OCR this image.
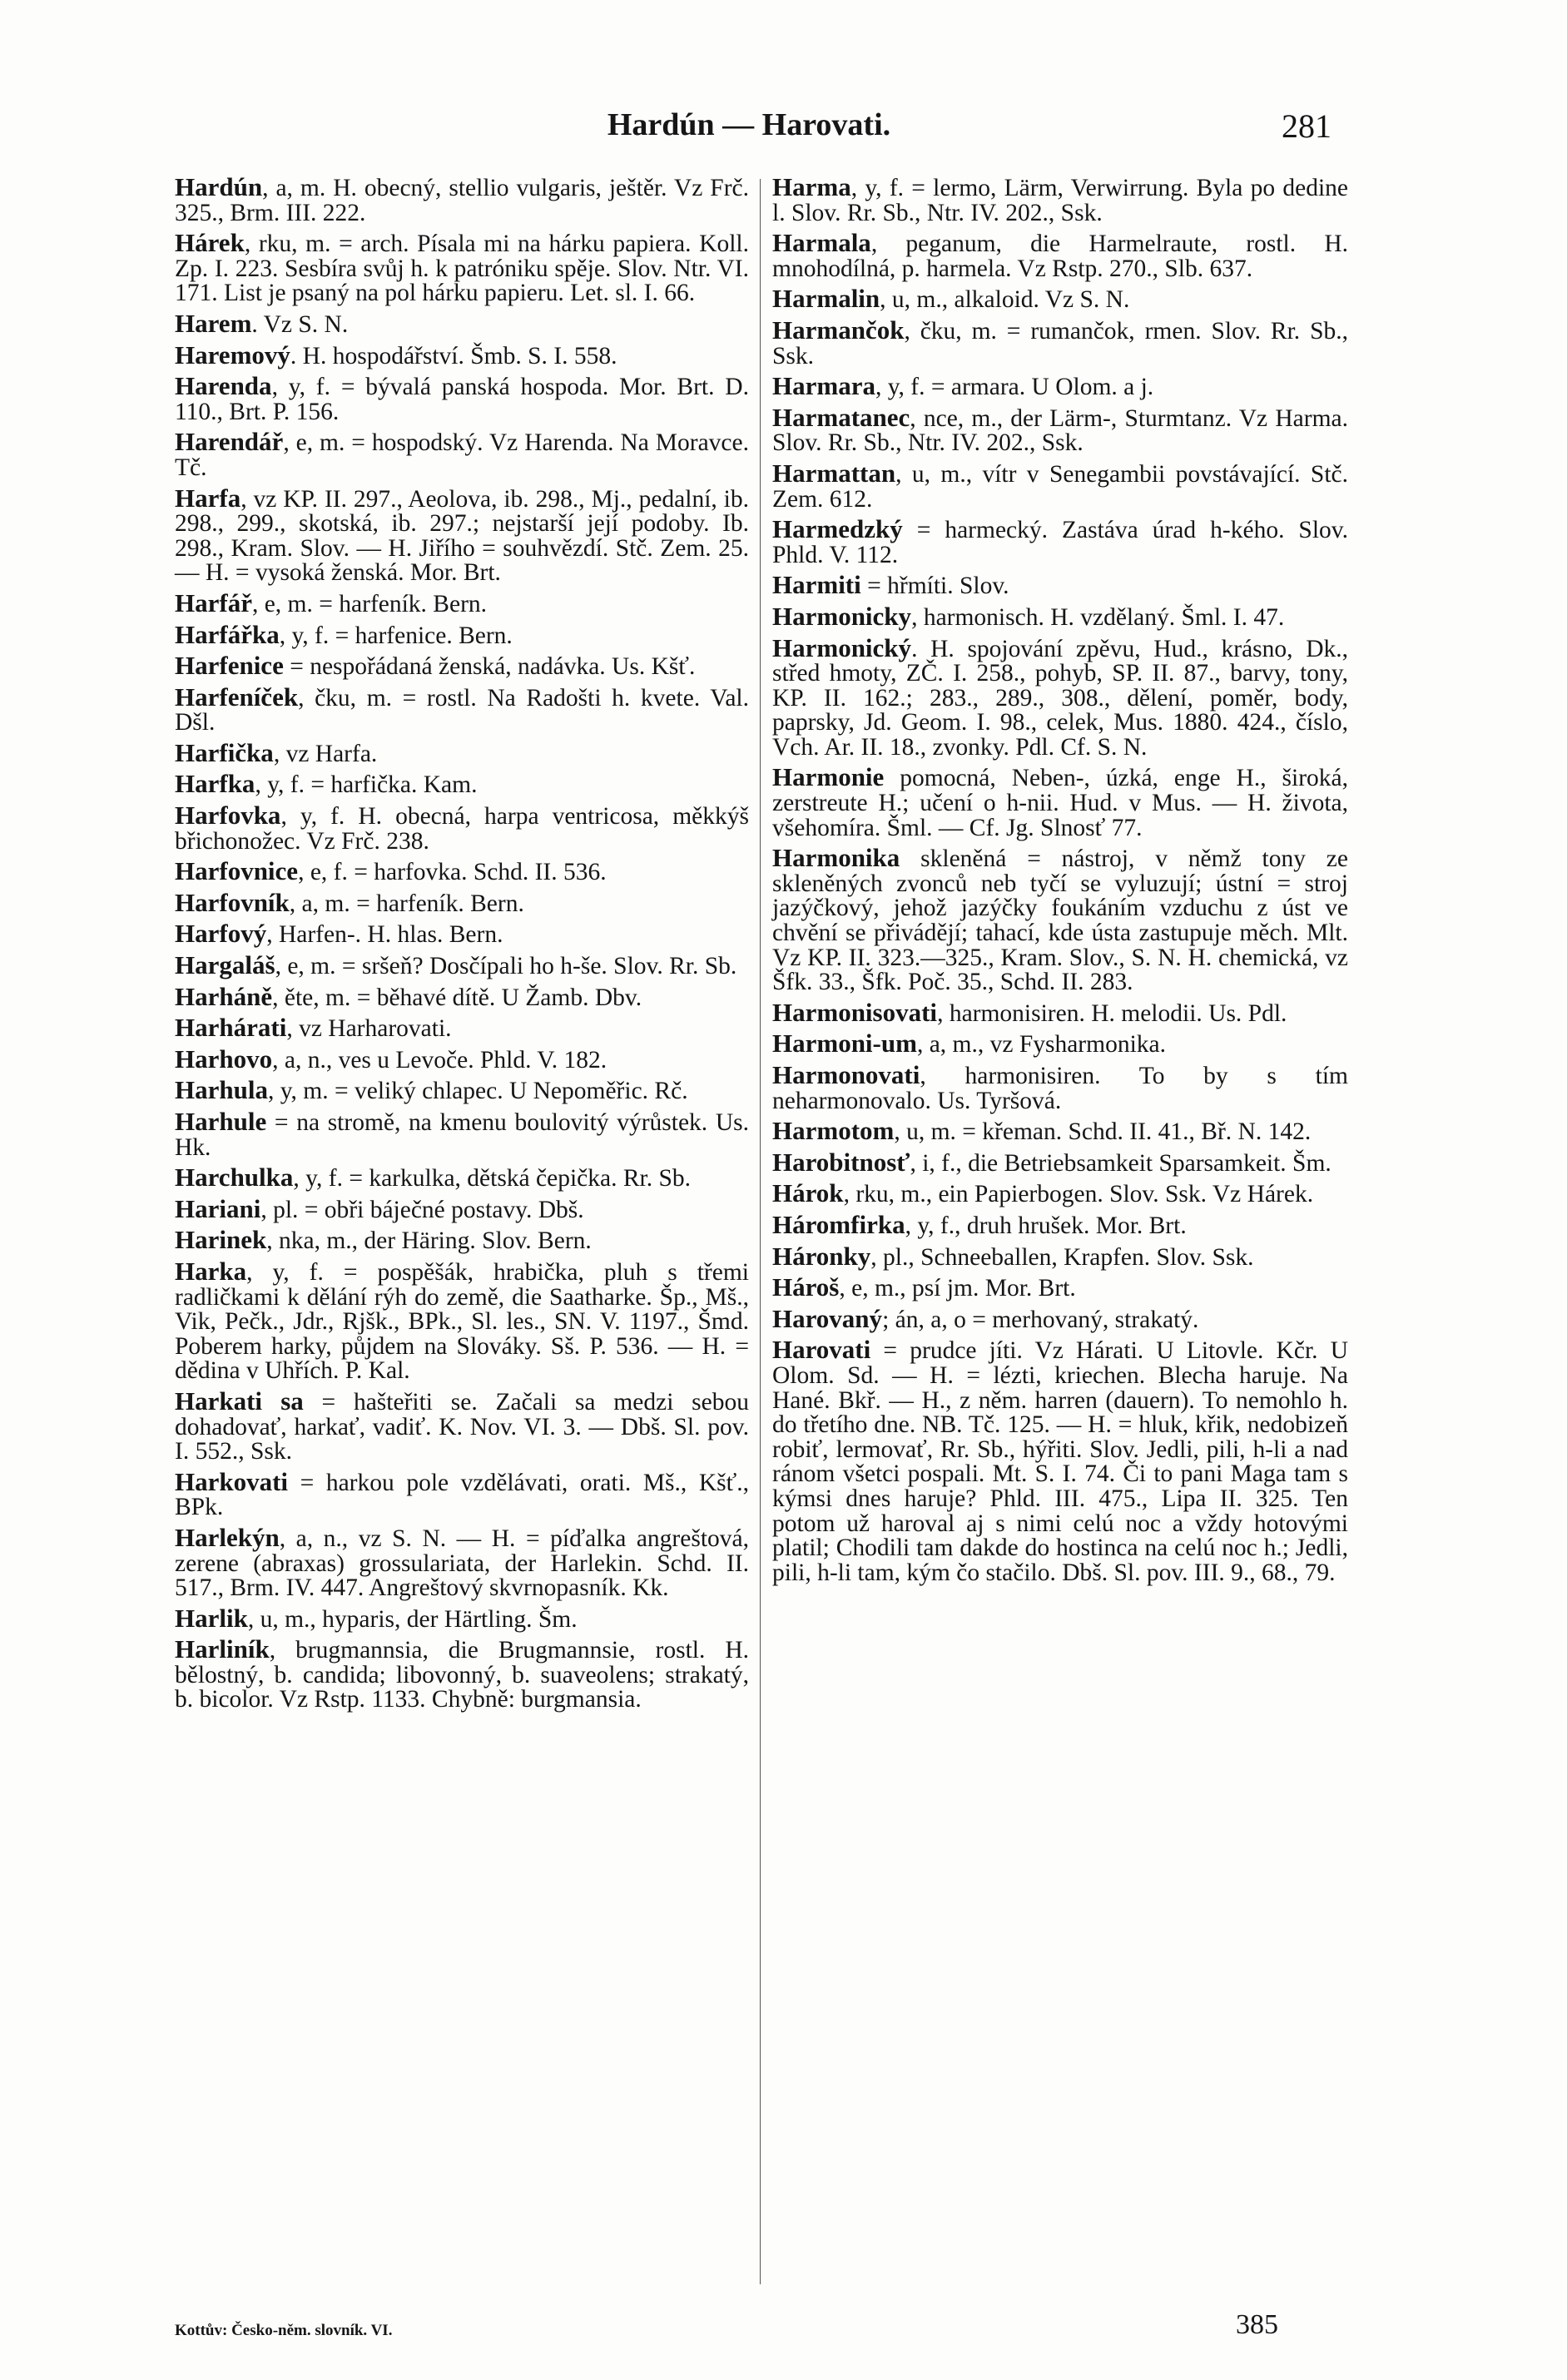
Hardún — Harovati.	281
Hardún, a, m. H. obecný, stellio vulgaris, ještěr. Vz Frč. 325., Brm. III. 222.
Hárek, rku, m. = arch. Písala mi na hárku papiera. Koll. Zp. I. 223. Sesbíra svůj h. k patróniku spěje. Slov. Ntr. VI. 171. List je psaný na pol hárku papieru. Let. sl. I. 66.
Harem. Vz S. N.
Haremový. H. hospodářství. Šmb. S. I. 558.
Harenda, y, f. = bývalá panská hospoda. Mor. Brt. D. 110., Brt. P. 156.
Harendář, e, m. = hospodský. Vz Harenda. Na Moravce. Tč.
Harfa, vz KP. II. 297., Aeolova, ib. 298., Mj., pedalní, ib. 298., 299., skotská, ib. 297.; nejstarší její podoby. Ib. 298., Kram. Slov. — H. Jiřího = souhvězdí. Stč. Zem. 25. — H. = vysoká ženská. Mor. Brt.
Harfář, e, m. = harfeník. Bern.
Harfářka, y, f. = harfenice. Bern.
Harfenice = nespořádaná ženská, nadávka. Us. Kšť.
Harfeníček, čku, m. = rostl. Na Radošti h. kvete. Val. Dšl.
Harfička, vz Harfa.
Harfka, y, f. = harfička. Kam.
Harfovka, y, f. H. obecná, harpa ventricosa, měkkýš břichonožec. Vz Frč. 238.
Harfovnice, e, f. = harfovka. Schd. II. 536.
Harfovník, a, m. = harfeník. Bern.
Harfový, Harfen-. H. hlas. Bern.
Hargaláš, e, m. = sršeň? Dosčípali ho h-še. Slov. Rr. Sb.
Harháně, ěte, m. = běhavé dítě. U Žamb. Dbv.
Harhárati, vz Harharovati.
Harhovo, a, n., ves u Levoče. Phld. V. 182.
Harhula, y, m. = veliký chlapec. U Nepoměřic. Rč.
Harhule = na stromě, na kmenu boulovitý výrůstek. Us. Hk.
Harchulka, y, f. = karkulka, dětská čepička. Rr. Sb.
Hariani, pl. = obři báječné postavy. Dbš.
Harinek, nka, m., der Häring. Slov. Bern.
Harka, y, f. = pospěšák, hrabička, pluh s třemi radličkami k dělání rýh do země, die Saatharke. Šp., Mš., Vik, Pečk., Jdr., Rjšk., BPk., Sl. les., SN. V. 1197., Šmd. Poberem harky, půjdem na Slováky. Sš. P. 536. — H. = dědina v Uhřích. P. Kal.
Harkati sa = hašteřiti se. Začali sa medzi sebou dohadovať, harkať, vadiť. K. Nov. VI. 3. — Dbš. Sl. pov. I. 552., Ssk.
Harkovati = harkou pole vzdělávati, orati. Mš., Kšť., BPk.
Harlekýn, a, n., vz S. N. — H. = píďalka angreštová, zerene (abraxas) grossulariata, der Harlekin. Schd. II. 517., Brm. IV. 447. Angreštový skvrnopasník. Kk.
Harlik, u, m., hyparis, der Härtling. Šm.
Harliník, brugmannsia, die Brugmannsie, rostl. H. bělostný, b. candida; libovonný, b. suaveolens; strakatý, b. bicolor. Vz Rstp. 1133. Chybně: burgmansia.
Harma, y, f. = lermo, Lärm, Verwirrung. Byla po dedine l. Slov. Rr. Sb., Ntr. IV. 202., Ssk.
Harmala, peganum, die Harmelraute, rostl. H. mnohodílná, p. harmela. Vz Rstp. 270., Slb. 637.
Harmalin, u, m., alkaloid. Vz S. N.
Harmančok, čku, m. = rumančok, rmen. Slov. Rr. Sb., Ssk.
Harmara, y, f. = armara. U Olom. a j.
Harmatanec, nce, m., der Lärm-, Sturmtanz. Vz Harma. Slov. Rr. Sb., Ntr. IV. 202., Ssk.
Harmattan, u, m., vítr v Senegambii povstávající. Stč. Zem. 612.
Harmedzký = harmecký. Zastáva úrad h-kého. Slov. Phld. V. 112.
Harmiti = hřmíti. Slov.
Harmonicky, harmonisch. H. vzdělaný. Šml. I. 47.
Harmonický. H. spojování zpěvu, Hud., krásno, Dk., střed hmoty, ZČ. I. 258., pohyb, SP. II. 87., barvy, tony, KP. II. 162.; 283., 289., 308., dělení, poměr, body, paprsky, Jd. Geom. I. 98., celek, Mus. 1880. 424., číslo, Vch. Ar. II. 18., zvonky. Pdl. Cf. S. N.
Harmonie pomocná, Neben-, úzká, enge H., široká, zerstreute H.; učení o h-nii. Hud. v Mus. — H. života, všehomíra. Šml. — Cf. Jg. Slnosť 77.
Harmonika skleněná = nástroj, v němž tony ze skleněných zvonců neb tyčí se vyluzují; ústní = stroj jazýčkový, jehož jazýčky foukáním vzduchu z úst ve chvění se přivádějí; tahací, kde ústa zastupuje měch. Mlt. Vz KP. II. 323.—325., Kram. Slov., S. N. H. chemická, vz Šfk. 33., Šfk. Poč. 35., Schd. II. 283.
Harmonisovati, harmonisiren. H. melodii. Us. Pdl.
Harmoni-um, a, m., vz Fysharmonika.
Harmonovati, harmonisiren. To by s tím neharmonovalo. Us. Tyršová.
Harmotom, u, m. = křeman. Schd. II. 41., Bř. N. 142.
Harobitnosť, i, f., die Betriebsamkeit Sparsamkeit. Šm.
Hárok, rku, m., ein Papierbogen. Slov. Ssk. Vz Hárek.
Háromfirka, y, f., druh hrušek. Mor. Brt.
Háronky, pl., Schneeballen, Krapfen. Slov. Ssk.
Hároš, e, m., psí jm. Mor. Brt.
Harovaný; án, a, o = merhovaný, strakatý.
Harovati = prudce jíti. Vz Hárati. U Litovle. Kčr. U Olom. Sd. — H. = lézti, kriechen. Blecha haruje. Na Hané. Bkř. — H., z něm. harren (dauern). To nemohlo h. do třetího dne. NB. Tč. 125. — H. = hluk, křik, nedobizeň robiť, lermovať, Rr. Sb., hýřiti. Slov. Jedli, pili, h-li a nad ránom všetci pospali. Mt. S. I. 74. Či to pani Maga tam s kýmsi dnes haruje? Phld. III. 475., Lipa II. 325. Ten potom už haroval aj s nimi celú noc a vždy hotovými platil; Chodili tam dakde do hostinca na celú noc h.; Jedli, pili, h-li tam, kým čo stačilo. Dbš. Sl. pov. III. 9., 68., 79.
Kottův: Česko-něm. slovník. VI.	385
